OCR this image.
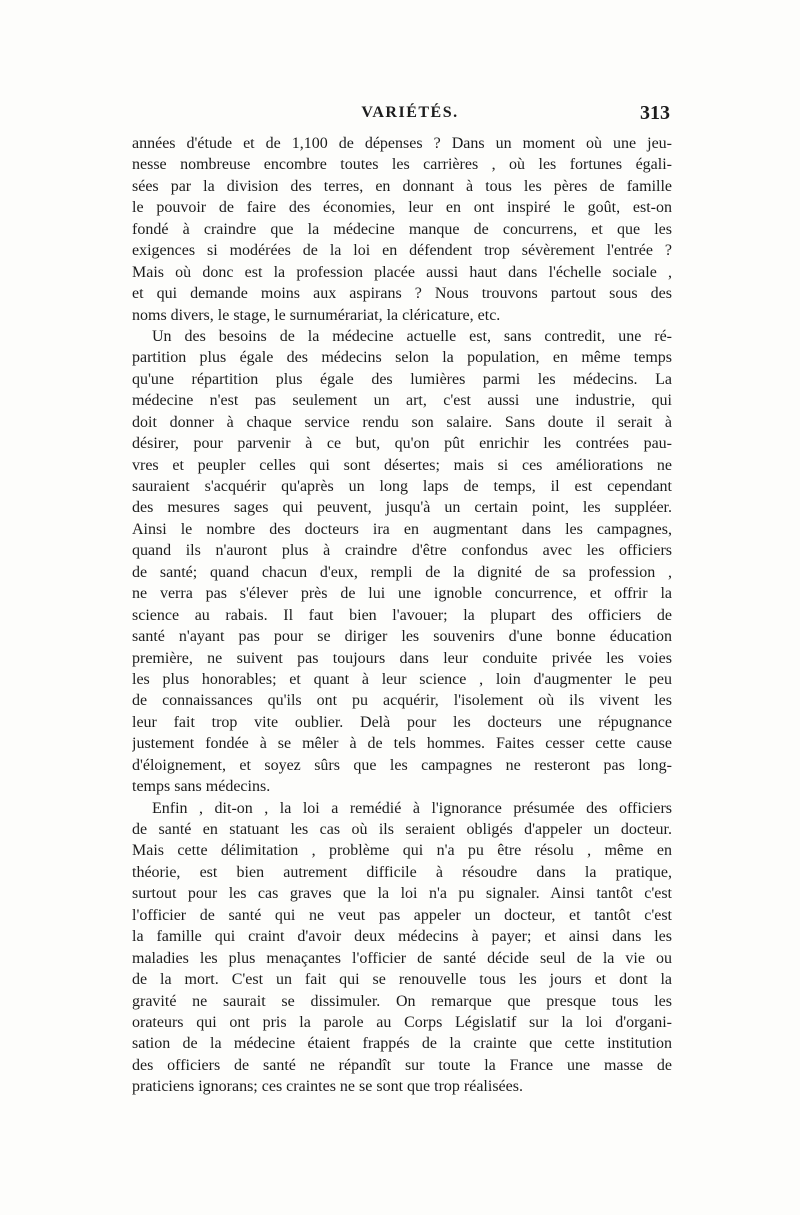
VARIÉTÉS.	313
années d'étude et de 1,100 de dépenses ? Dans un moment où une jeu-
nesse nombreuse encombre toutes les carrières , où les fortunes égali-
sées par la division des terres, en donnant à tous les pères de famille
le pouvoir de faire des économies, leur en ont inspiré le goût, est-on
fondé à craindre que la médecine manque de concurrens, et que les
exigences si modérées de la loi en défendent trop sévèrement l'entrée ?
Mais où donc est la profession placée aussi haut dans l'échelle sociale ,
et qui demande moins aux aspirans ? Nous trouvons partout sous des
noms divers, le stage, le surnumérariat, la cléricature, etc.
Un des besoins de la médecine actuelle est, sans contredit, une ré-
partition plus égale des médecins selon la population, en même temps
qu'une répartition plus égale des lumières parmi les médecins. La
médecine n'est pas seulement un art, c'est aussi une industrie, qui
doit donner à chaque service rendu son salaire. Sans doute il serait à
désirer, pour parvenir à ce but, qu'on pût enrichir les contrées pau-
vres et peupler celles qui sont désertes; mais si ces améliorations ne
sauraient s'acquérir qu'après un long laps de temps, il est cependant
des mesures sages qui peuvent, jusqu'à un certain point, les suppléer.
Ainsi le nombre des docteurs ira en augmentant dans les campagnes,
quand ils n'auront plus à craindre d'être confondus avec les officiers
de santé; quand chacun d'eux, rempli de la dignité de sa profession ,
ne verra pas s'élever près de lui une ignoble concurrence, et offrir la
science au rabais. Il faut bien l'avouer; la plupart des officiers de
santé n'ayant pas pour se diriger les souvenirs d'une bonne éducation
première, ne suivent pas toujours dans leur conduite privée les voies
les plus honorables; et quant à leur science , loin d'augmenter le peu
de connaissances qu'ils ont pu acquérir, l'isolement où ils vivent les
leur fait trop vite oublier. Delà pour les docteurs une répugnance
justement fondée à se mêler à de tels hommes. Faites cesser cette cause
d'éloignement, et soyez sûrs que les campagnes ne resteront pas long-
temps sans médecins.
Enfin , dit-on , la loi a remédié à l'ignorance présumée des officiers
de santé en statuant les cas où ils seraient obligés d'appeler un docteur.
Mais cette délimitation , problème qui n'a pu être résolu , même en
théorie, est bien autrement difficile à résoudre dans la pratique,
surtout pour les cas graves que la loi n'a pu signaler. Ainsi tantôt c'est
l'officier de santé qui ne veut pas appeler un docteur, et tantôt c'est
la famille qui craint d'avoir deux médecins à payer; et ainsi dans les
maladies les plus menaçantes l'officier de santé décide seul de la vie ou
de la mort. C'est un fait qui se renouvelle tous les jours et dont la
gravité ne saurait se dissimuler. On remarque que presque tous les
orateurs qui ont pris la parole au Corps Législatif sur la loi d'organi-
sation de la médecine étaient frappés de la crainte que cette institution
des officiers de santé ne répandît sur toute la France une masse de
praticiens ignorans; ces craintes ne se sont que trop réalisées.
